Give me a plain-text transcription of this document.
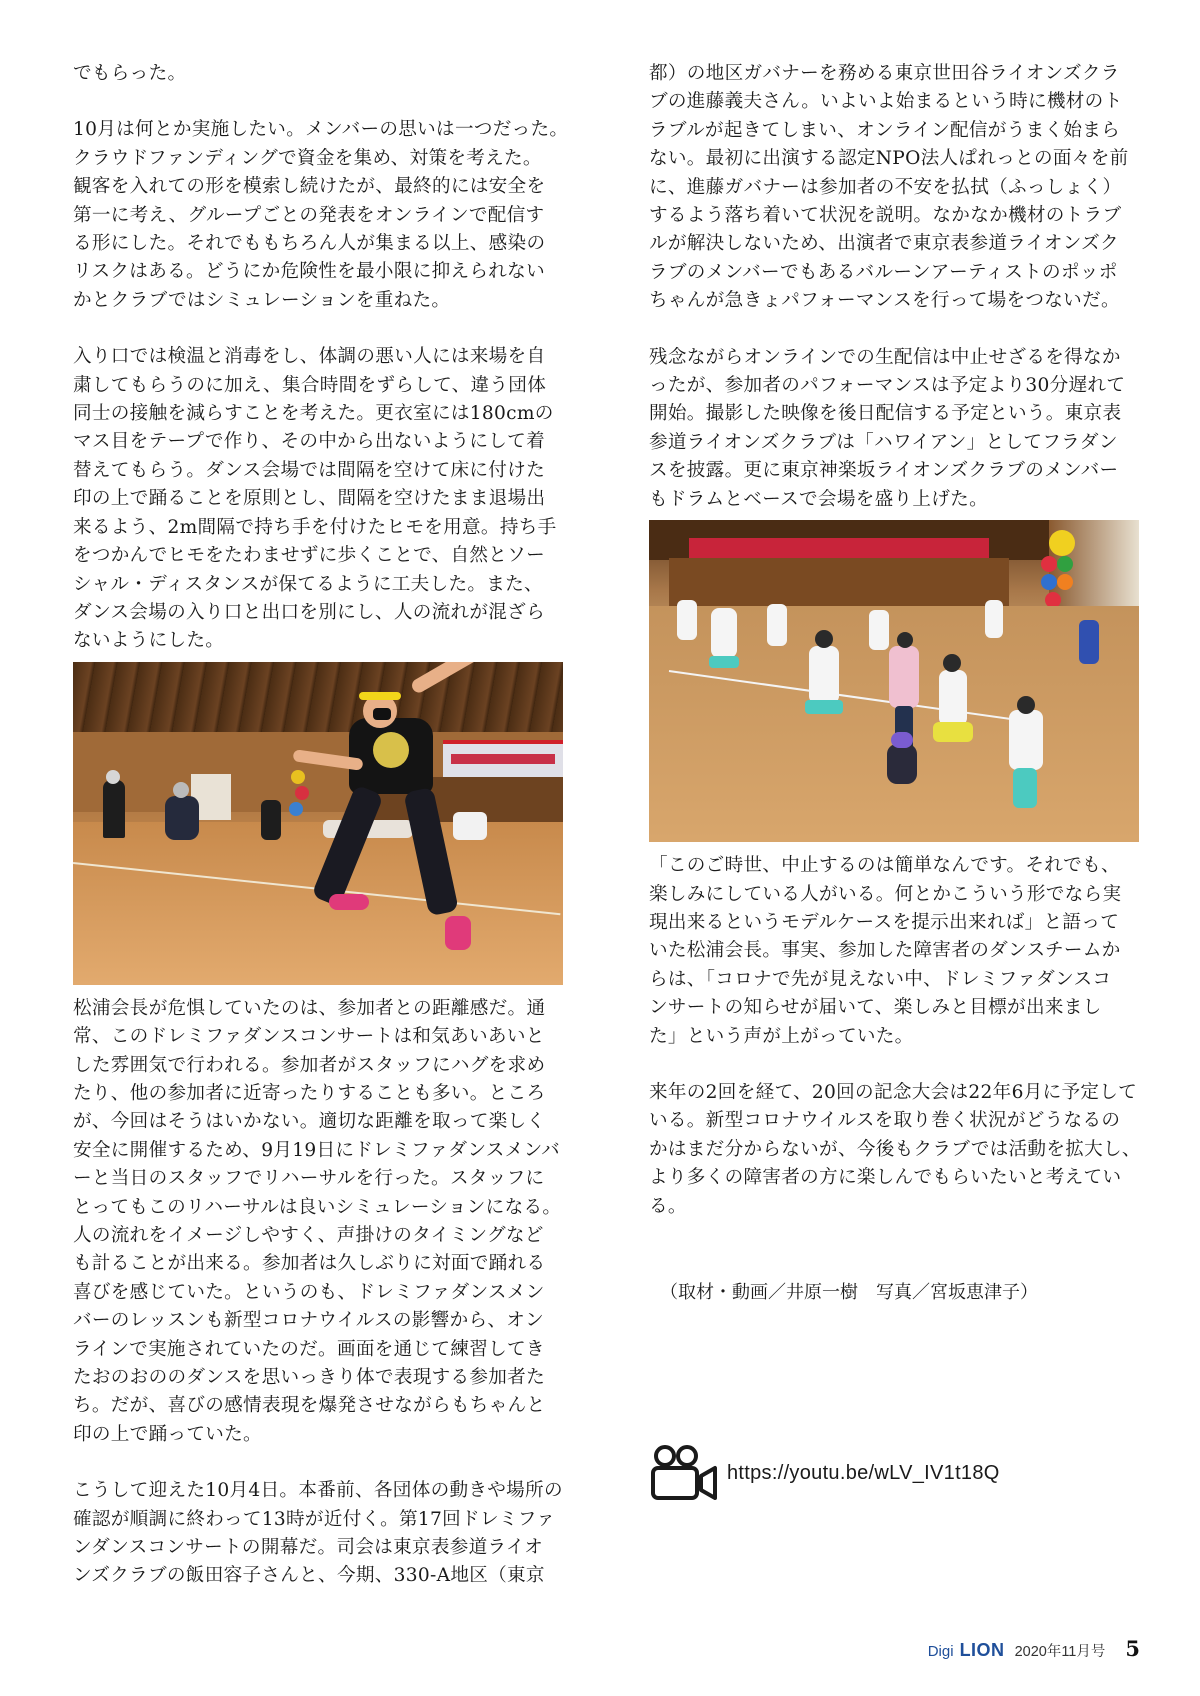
でもらった。

10月は何とか実施したい。メンバーの思いは一つだった。
クラウドファンディングで資金を集め、対策を考えた。
観客を入れての形を模索し続けたが、最終的には安全を
第一に考え、グループごとの発表をオンラインで配信す
る形にした。それでももちろん人が集まる以上、感染の
リスクはある。どうにか危険性を最小限に抑えられない
かとクラブではシミュレーションを重ねた。

入り口では検温と消毒をし、体調の悪い人には来場を自
粛してもらうのに加え、集合時間をずらして、違う団体
同士の接触を減らすことを考えた。更衣室には180cmの
マス目をテープで作り、その中から出ないようにして着
替えてもらう。ダンス会場では間隔を空けて床に付けた
印の上で踊ることを原則とし、間隔を空けたまま退場出
来るよう、2m間隔で持ち手を付けたヒモを用意。持ち手
をつかんでヒモをたわませずに歩くことで、自然とソー
シャル・ディスタンスが保てるように工夫した。また、
ダンス会場の入り口と出口を別にし、人の流れが混ざら
ないようにした。

松浦会長が危惧していたのは、参加者との距離感だ。通
常、このドレミファダンスコンサートは和気あいあいと
した雰囲気で行われる。参加者がスタッフにハグを求め
たり、他の参加者に近寄ったりすることも多い。ところ
が、今回はそうはいかない。適切な距離を取って楽しく
安全に開催するため、9月19日にドレミファダンスメンバ
ーと当日のスタッフでリハーサルを行った。スタッフに
とってもこのリハーサルは良いシミュレーションになる。
人の流れをイメージしやすく、声掛けのタイミングなど
も計ることが出来る。参加者は久しぶりに対面で踊れる
喜びを感じていた。というのも、ドレミファダンスメン
バーのレッスンも新型コロナウイルスの影響から、オン
ラインで実施されていたのだ。画面を通じて練習してき
たおのおののダンスを思いっきり体で表現する参加者た
ち。だが、喜びの感情表現を爆発させながらもちゃんと
印の上で踊っていた。

こうして迎えた10月4日。本番前、各団体の動きや場所の
確認が順調に終わって13時が近付く。第17回ドレミファ
ンダンスコンサートの開幕だ。司会は東京表参道ライオ
ンズクラブの飯田容子さんと、今期、330-A地区（東京

都）の地区ガバナーを務める東京世田谷ライオンズクラ
ブの進藤義夫さん。いよいよ始まるという時に機材のト
ラブルが起きてしまい、オンライン配信がうまく始まら
ない。最初に出演する認定NPO法人ぱれっとの面々を前
に、進藤ガバナーは参加者の不安を払拭（ふっしょく）
するよう落ち着いて状況を説明。なかなか機材のトラブ
ルが解決しないため、出演者で東京表参道ライオンズク
ラブのメンバーでもあるバルーンアーティストのポッポ
ちゃんが急きょパフォーマンスを行って場をつないだ。

残念ながらオンラインでの生配信は中止せざるを得なか
ったが、参加者のパフォーマンスは予定より30分遅れて
開始。撮影した映像を後日配信する予定という。東京表
参道ライオンズクラブは「ハワイアン」としてフラダン
スを披露。更に東京神楽坂ライオンズクラブのメンバー
もドラムとベースで会場を盛り上げた。

「このご時世、中止するのは簡単なんです。それでも、
楽しみにしている人がいる。何とかこういう形でなら実
現出来るというモデルケースを提示出来れば」と語って
いた松浦会長。事実、参加した障害者のダンスチームか
らは、「コロナで先が見えない中、ドレミファダンスコ
ンサートの知らせが届いて、楽しみと目標が出来まし
た」という声が上がっていた。

来年の2回を経て、20回の記念大会は22年6月に予定して
いる。新型コロナウイルスを取り巻く状況がどうなるの
かはまだ分からないが、今後もクラブでは活動を拡大し、
より多くの障害者の方に楽しんでもらいたいと考えてい
る。

（取材・動画／井原一樹　写真／宮坂恵津子）
https://youtu.be/wLV_IV1t18Q
Digi LION 2020年11月号 5
